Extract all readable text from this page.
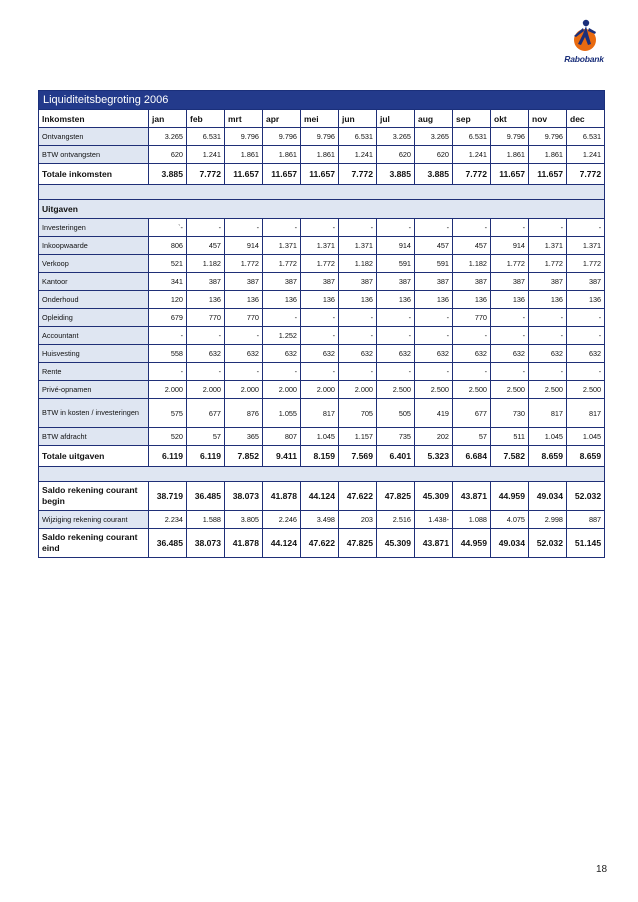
Rabobank
Liquiditeitsbegroting 2006												
Inkomsten	jan	feb	mrt	apr	mei	jun	jul	aug	sep	okt	nov	dec
Ontvangsten	3.265	6.531	9.796	9.796	9.796	6.531	3.265	3.265	6.531	9.796	9.796	6.531
BTW ontvangsten	620	1.241	1.861	1.861	1.861	1.241	620	620	1.241	1.861	1.861	1.241
Totale inkomsten	3.885	7.772	11.657	11.657	11.657	7.772	3.885	3.885	7.772	11.657	11.657	7.772

Uitgaven												
Investeringen	`-	-	-	-	-	-	-	-	-	-	-	-
Inkoopwaarde	806	457	914	1.371	1.371	1.371	914	457	457	914	1.371	1.371
Verkoop	521	1.182	1.772	1.772	1.772	1.182	591	591	1.182	1.772	1.772	1.772
Kantoor	341	387	387	387	387	387	387	387	387	387	387	387
Onderhoud	120	136	136	136	136	136	136	136	136	136	136	136
Opleiding	679	770	770	-	-	-	-	-	770	-	-	-
Accountant	-	-	-	1.252	-	-	-	-	-	-	-	-
Huisvesting	558	632	632	632	632	632	632	632	632	632	632	632
Rente	-	-	-	-	-	-	-	-	-	-	-	-
Privé-opnamen	2.000	2.000	2.000	2.000	2.000	2.000	2.500	2.500	2.500	2.500	2.500	2.500
BTW in kosten / investeringen	575	677	876	1.055	817	705	505	419	677	730	817	817
BTW afdracht	520	57	365	807	1.045	1.157	735	202	57	511	1.045	1.045
Totale uitgaven	6.119	6.119	7.852	9.411	8.159	7.569	6.401	5.323	6.684	7.582	8.659	8.659

Saldo rekening courant begin	38.719	36.485	38.073	41.878	44.124	47.622	47.825	45.309	43.871	44.959	49.034	52.032
Wijziging rekening courant	2.234	1.588	3.805	2.246	3.498	203	2.516	1.438-	1.088	4.075	2.998	887
Saldo rekening courant eind	36.485	38.073	41.878	44.124	47.622	47.825	45.309	43.871	44.959	49.034	52.032	51.145
18
